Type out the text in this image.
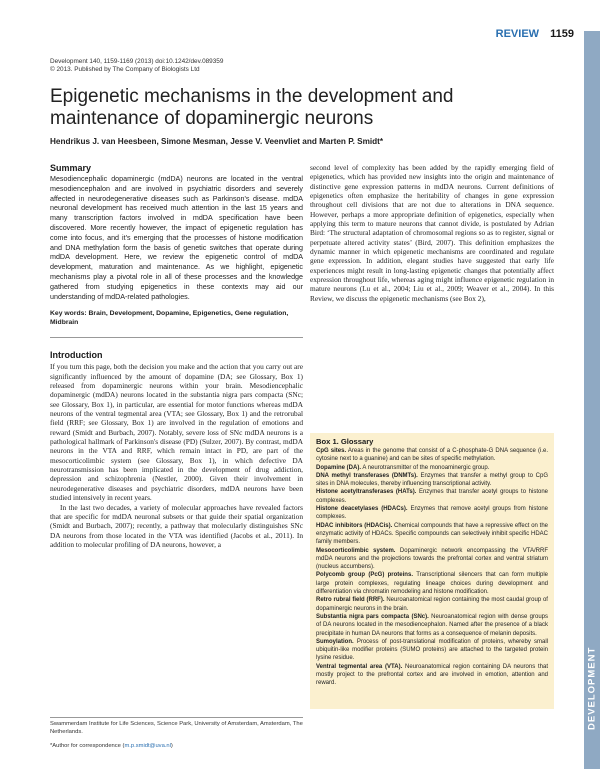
REVIEW 1159
Development 140, 1159-1169 (2013) doi:10.1242/dev.089359
© 2013. Published by The Company of Biologists Ltd
Epigenetic mechanisms in the development and maintenance of dopaminergic neurons
Hendrikus J. van Heesbeen, Simone Mesman, Jesse V. Veenvliet and Marten P. Smidt*
Summary

Mesodiencephalic dopaminergic (mdDA) neurons are located in the ventral mesodiencephalon and are involved in psychiatric disorders and severely affected in neurodegenerative diseases such as Parkinson's disease. mdDA neuronal development has received much attention in the last 15 years and many transcription factors involved in mdDA specification have been discovered. More recently however, the impact of epigenetic regulation has come into focus, and it's emerging that the processes of histone modification and DNA methylation form the basis of genetic switches that operate during mdDA development. Here, we review the epigenetic control of mdDA development, maturation and maintenance. As we highlight, epigenetic mechanisms play a pivotal role in all of these processes and the knowledge gathered from studying epigenetics in these contexts may aid our understanding of mdDA-related pathologies.

Key words: Brain, Development, Dopamine, Epigenetics, Gene regulation, Midbrain
Introduction

If you turn this page, both the decision you make and the action that you carry out are significantly influenced by the amount of dopamine (DA; see Glossary, Box 1) released from dopaminergic neurons within your brain. Mesodiencephalic dopaminergic (mdDA) neurons located in the substantia nigra pars compacta (SNc; see Glossary, Box 1), in particular, are essential for motor functions whereas mdDA neurons of the ventral tegmental area (VTA; see Glossary, Box 1) and the retrorubal field (RRF; see Glossary, Box 1) are involved in the regulation of emotions and reward (Smidt and Burbach, 2007). Notably, severe loss of SNc mdDA neurons is a pathological hallmark of Parkinson's disease (PD) (Sulzer, 2007). By contrast, mdDA neurons in the VTA and RRF, which remain intact in PD, are part of the mesocorticolimbic system (see Glossary, Box 1), in which defective DA neurotransmission has been implicated in the development of drug addiction, depression and schizophrenia (Nestler, 2000). Given their involvement in neurodegenerative diseases and psychiatric disorders, mdDA neurons have been studied intensively in recent years.

In the last two decades, a variety of molecular approaches have revealed factors that are specific for mdDA neuronal subsets or that guide their spatial organization (Smidt and Burbach, 2007); recently, a pathway that molecularly distinguishes SNc DA neurons from those located in the VTA was identified (Jacobs et al., 2011). In addition to molecular profiling of DA neurons, however, a

second level of complexity has been added by the rapidly emerging field of epigenetics, which has provided new insights into the origin and maintenance of distinctive gene expression patterns in mdDA neurons. Current definitions of epigenetics often emphasize the heritability of changes in gene expression throughout cell divisions that are not due to alterations in DNA sequence. However, perhaps a more appropriate definition of epigenetics, especially when applying this term to mature neurons that cannot divide, is postulated by Adrian Bird: ‘The structural adaptation of chromosomal regions so as to register, signal or perpetuate altered activity states’ (Bird, 2007). This definition emphasizes the dynamic manner in which epigenetic mechanisms are coordinated and regulate gene expression. In addition, elegant studies have suggested that early life experiences might result in long-lasting epigenetic changes that potentially affect expression throughout life, whereas aging might influence epigenetic regulation in mature neurons (Lu et al., 2004; Liu et al., 2009; Weaver et al., 2004). In this Review, we discuss the epigenetic mechanisms (see Box 2),

Box 1. Glossary

CpG sites. Areas in the genome that consist of a C-phosphate-G DNA sequence (i.e. cytosine next to a guanine) and can be sites of specific methylation.

Dopamine (DA). A neurotransmitter of the monoaminergic group.

DNA methyl transferases (DNMTs). Enzymes that transfer a methyl group to CpG sites in DNA molecules, thereby influencing transcriptional activity.

Histone acetyltransferases (HATs). Enzymes that transfer acetyl groups to histone complexes.

Histone deacetylases (HDACs). Enzymes that remove acetyl groups from histone complexes.

HDAC inhibitors (HDACis). Chemical compounds that have a repressive effect on the enzymatic activity of HDACs. Specific compounds can selectively inhibit specific HDAC family members.

Mesocorticolimbic system. Dopaminergic network encompassing the VTA/RRF mdDA neurons and the projections towards the prefrontal cortex and ventral striatum (nucleus accumbens).

Polycomb group (PcG) proteins. Transcriptional silencers that can form multiple large protein complexes, regulating lineage choices during development and differentiation via chromatin remodeling and histone modification.

Retro rubral field (RRF). Neuroanatomical region containing the most caudal group of dopaminergic neurons in the brain.

Substantia nigra pars compacta (SNc). Neuroanatomical region with dense groups of DA neurons located in the mesodiencephalon. Named after the presence of a black precipitate in human DA neurons that forms as a consequence of melanin deposits.

Sumoylation. Process of post-translational modification of proteins, whereby small ubiquitin-like modifier proteins (SUMO proteins) are attached to the targeted protein lysine residue.

Ventral tegmental area (VTA). Neuroanatomical region containing DA neurons that mostly project to the prefrontal cortex and are involved in emotion, attention and reward.

Swammerdam Institute for Life Sciences, Science Park, University of Amsterdam, Amsterdam, The Netherlands.
*Author for correspondence (m.p.smidt@uva.nl)
DEVELOPMENT
